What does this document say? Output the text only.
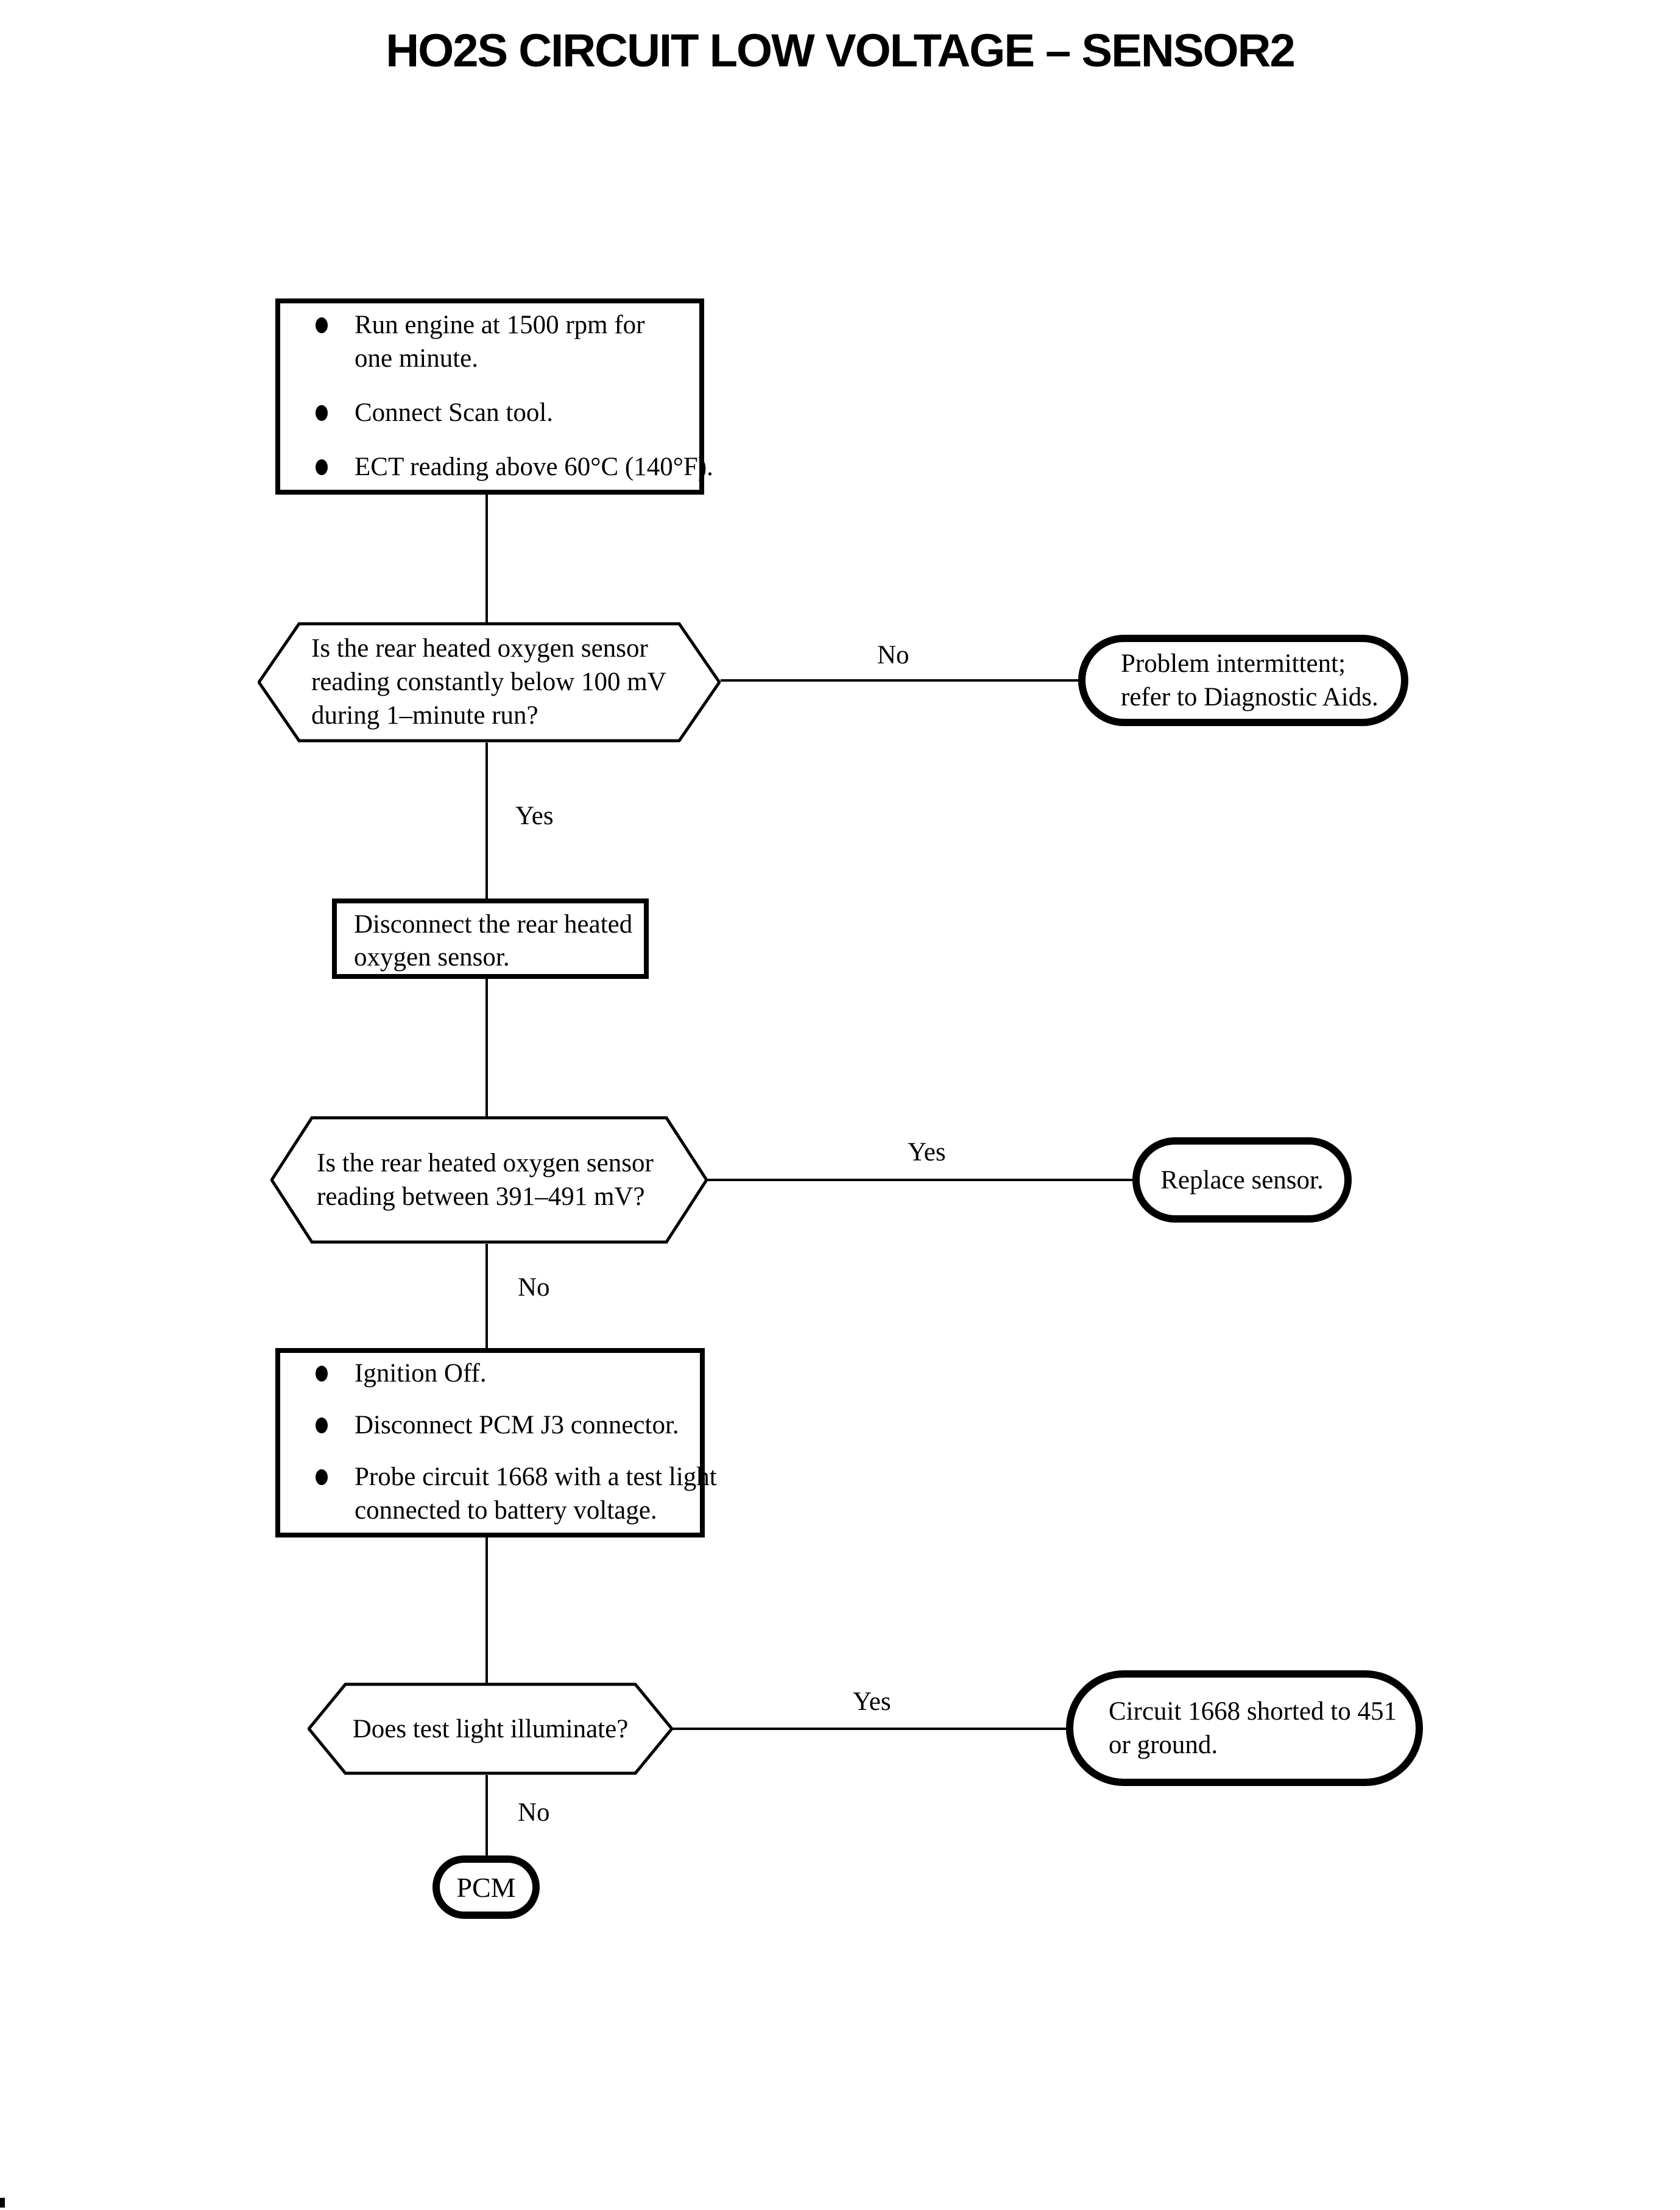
HO2S CIRCUIT LOW VOLTAGE – SENSOR2
Run engine at 1500 rpm for
one minute.
Connect Scan tool.
ECT reading above 60°C (140°F).
Is the rear heated oxygen sensor
reading constantly below 100 mV
during 1–minute run?
No	Problem intermittent;
refer to Diagnostic Aids.
Yes
Disconnect the rear heated
oxygen sensor.
Is the rear heated oxygen sensor
reading between 391–491 mV?
Yes
Replace sensor.
No
Ignition Off.
Disconnect PCM J3 connector.
Probe circuit 1668 with a test light
connected to battery voltage.
Does test light illuminate?
Yes	Circuit 1668 shorted to 451
or ground.
No
PCM
